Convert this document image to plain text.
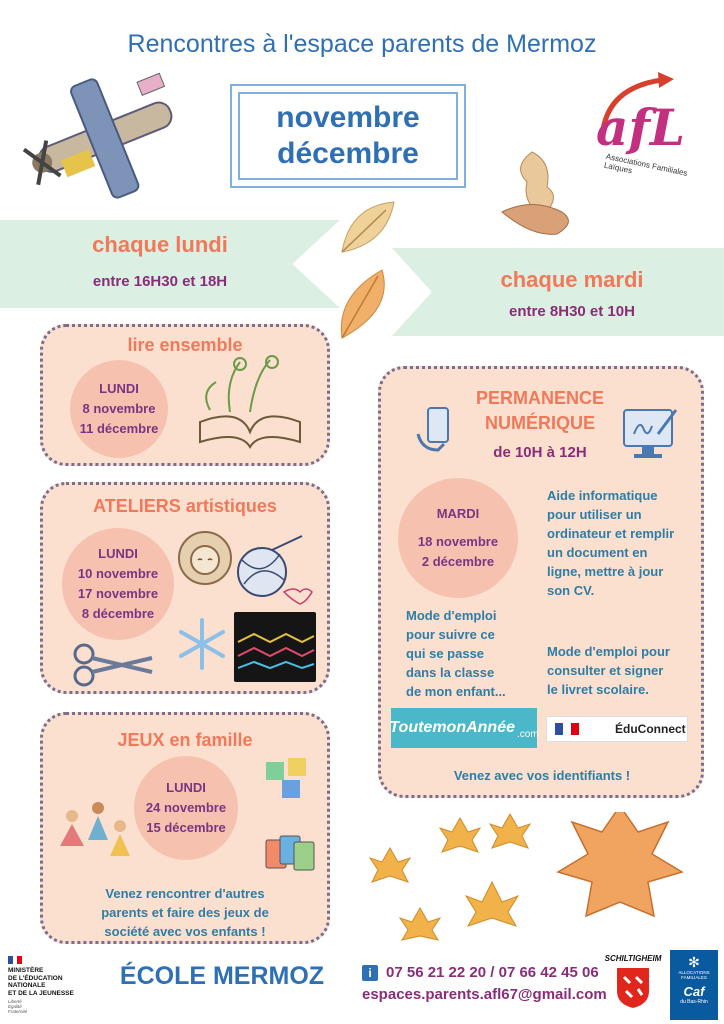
Rencontres à l'espace parents de Mermoz
novembre
décembre	afL
Associations Familiales Laïques
chaque lundi
entre 16H30 et 18H	chaque mardi
entre 8H30 et 10H
lire ensemble
LUNDI
8 novembre
11 décembre
ATELIERS artistiques
LUNDI
10 novembre
17 novembre
8 décembre
JEUX en famille
LUNDI
24 novembre
15 décembre
Venez rencontrer d'autres
parents et faire des jeux de
société avec vos enfants !
PERMANENCE
NUMÉRIQUE
de 10H à 12H
MARDI
18 novembre
2 décembre
Aide informatique
pour utiliser un
ordinateur et remplir
un document en
ligne, mettre à jour
son CV.
Mode d'emploi
pour suivre ce
qui se passe
dans la classe
de mon enfant...
Mode d'emploi pour
consulter et signer
le livret scolaire.
ToutemonAnnée .com	ÉduConnect
Venez avec vos identifiants !
MINISTÈRE
DE L'ÉDUCATION
NATIONALE
ET DE LA JEUNESSE
Liberté
Égalité
Fraternité
ÉCOLE MERMOZ	i 07 56 21 22 20 / 07 66 42 45 06
espaces.parents.afl67@gmail.com
SCHILTIGHEIM	✻
ALLOCATIONS
FAMILIALES
Caf
du Bas-Rhin
